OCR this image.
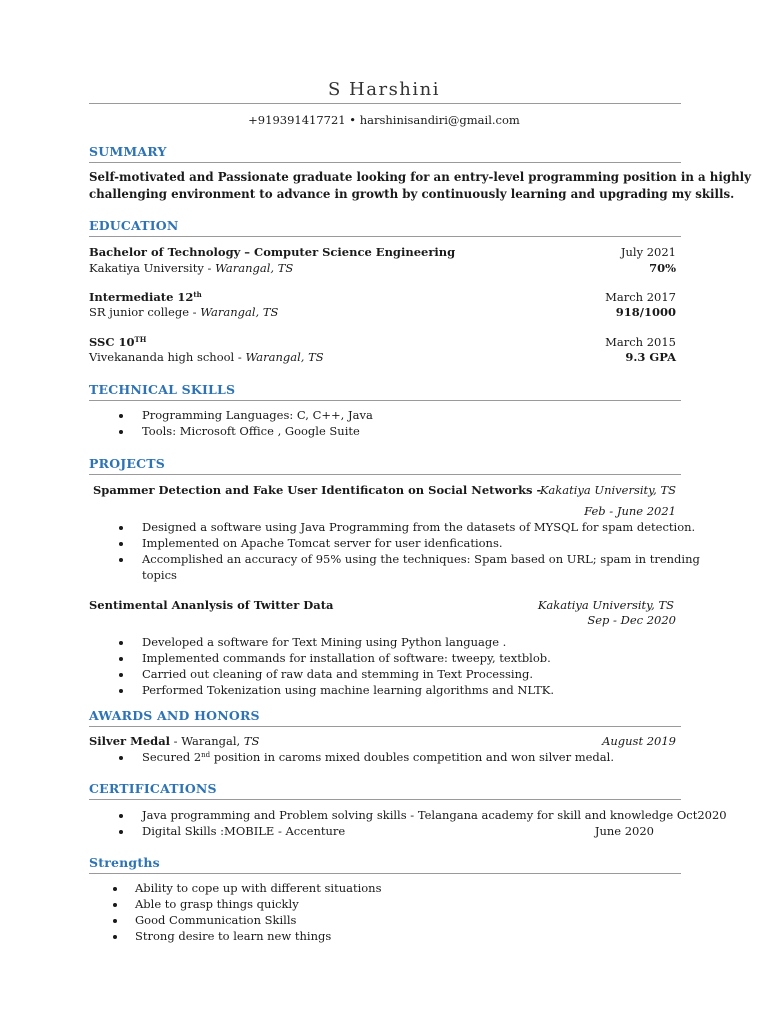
S Harshini
+919391417721 • harshinisandiri@gmail.com
SUMMARY
Self-motivated and Passionate graduate looking for an entry-level programming position in a highly
challenging environment to advance in growth by continuously learning and upgrading my skills.
EDUCATION
Bachelor of Technology – Computer Science Engineering	July 2021
Kakatiya University - Warangal, TS	70%
Intermediate 12th	March 2017
SR junior college - Warangal, TS	918/1000
SSC 10TH	March 2015
Vivekananda high school - Warangal, TS	9.3 GPA
TECHNICAL SKILLS
Programming Languages: C, C++, Java
Tools: Microsoft Office , Google Suite
PROJECTS
Spammer Detection and Fake User Identificaton on Social Networks -
Kakatiya University, TS
Feb - June 2021
Designed a software using Java Programming from the datasets of MYSQL for spam detection.
Implemented on Apache Tomcat server for user idenfications.
Accomplished an accuracy of 95% using the techniques: Spam based on URL; spam in trending
topics
Sentimental Ananlysis of Twitter Data	Kakatiya University, TS
Sep - Dec 2020
Developed a software for Text Mining using Python language .
Implemented commands for installation of software: tweepy, textblob.
Carried out cleaning of raw data and stemming in Text Processing.
Performed Tokenization using machine learning algorithms and NLTK.
AWARDS AND HONORS
Silver Medal - Warangal, TS	August 2019
Secured 2nd position in caroms mixed doubles competition and won silver medal.
CERTIFICATIONS
Java programming and Problem solving skills - Telangana academy for skill and knowledge Oct2020
Digital Skills :MOBILE - Accenture	June 2020
Strengths
Ability to cope up with different situations
Able to grasp things quickly
Good Communication Skills
Strong desire to learn new things
